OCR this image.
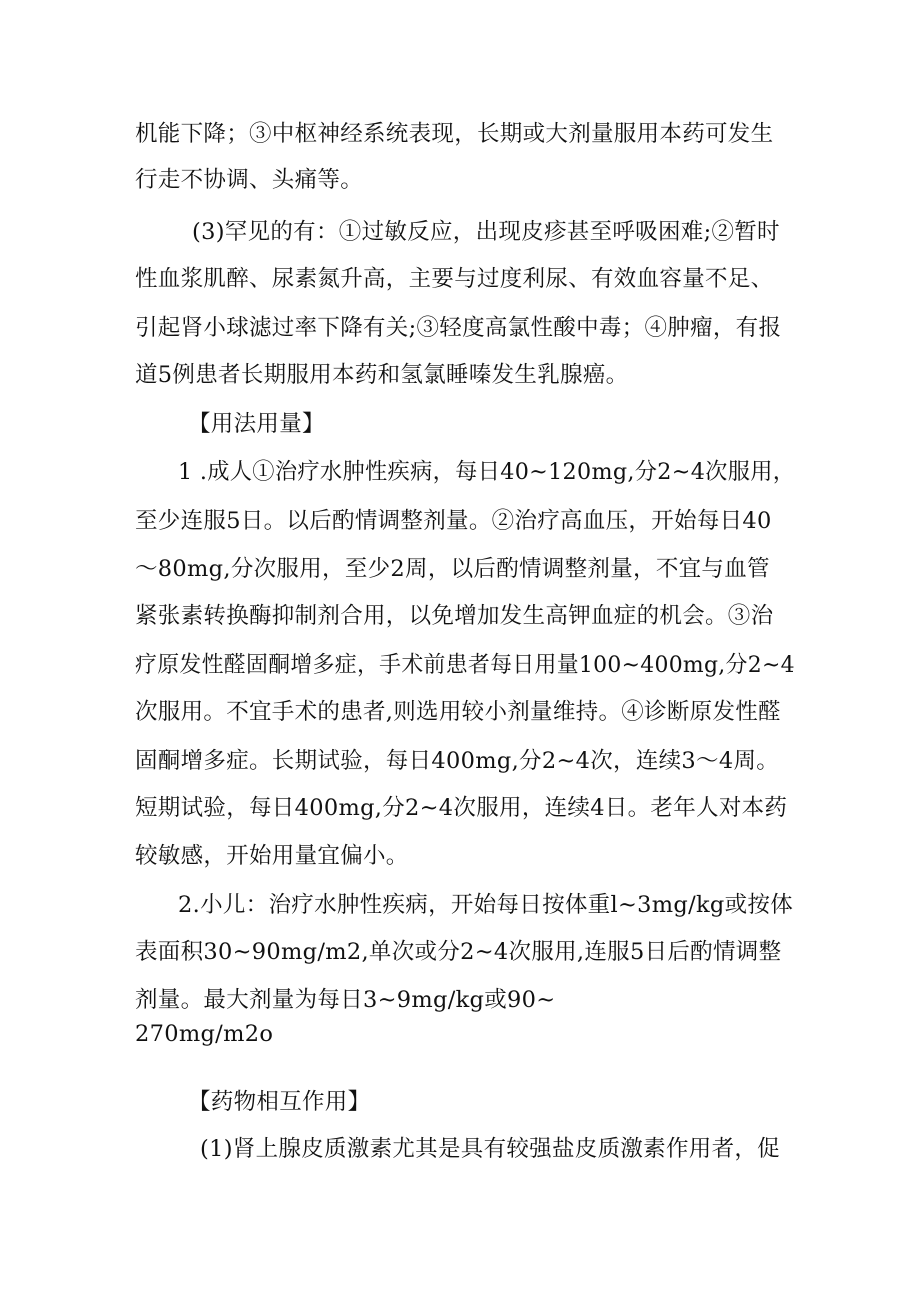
机能下降；③中枢神经系统表现，长期或大剂量服用本药可发生
行走不协调、头痛等。
(3)罕见的有：①过敏反应，出现皮疹甚至呼吸困难;②暂时
性血浆肌醉、尿素氮升高，主要与过度利尿、有效血容量不足、
引起肾小球滤过率下降有关;③轻度高氯性酸中毒；④肿瘤，有报
道5例患者长期服用本药和氢氯睡嗪发生乳腺癌。
【用法用量】
1 .成人①治疗水肿性疾病，每日40~120mg,分2~4次服用，
至少连服5日。以后酌情调整剂量。②治疗高血压，开始每日40
～80mg,分次服用，至少2周，以后酌情调整剂量，不宜与血管
紧张素转换酶抑制剂合用，以免增加发生高钾血症的机会。③治
疗原发性醛固酮增多症，手术前患者每日用量100~400mg,分2~4
次服用。不宜手术的患者,则选用较小剂量维持。④诊断原发性醛
固酮增多症。长期试验，每日400mg,分2~4次，连续3～4周。
短期试验，每日400mg,分2~4次服用，连续4日。老年人对本药
较敏感，开始用量宜偏小。
2.小儿：治疗水肿性疾病，开始每日按体重l~3mg∕kg或按体
表面积30~90mg∕m2,单次或分2~4次服用,连服5日后酌情调整
剂量。最大剂量为每日3~9mg∕kg或90~
270mg∕m2o
【药物相互作用】
(1)肾上腺皮质激素尤其是具有较强盐皮质激素作用者，促
